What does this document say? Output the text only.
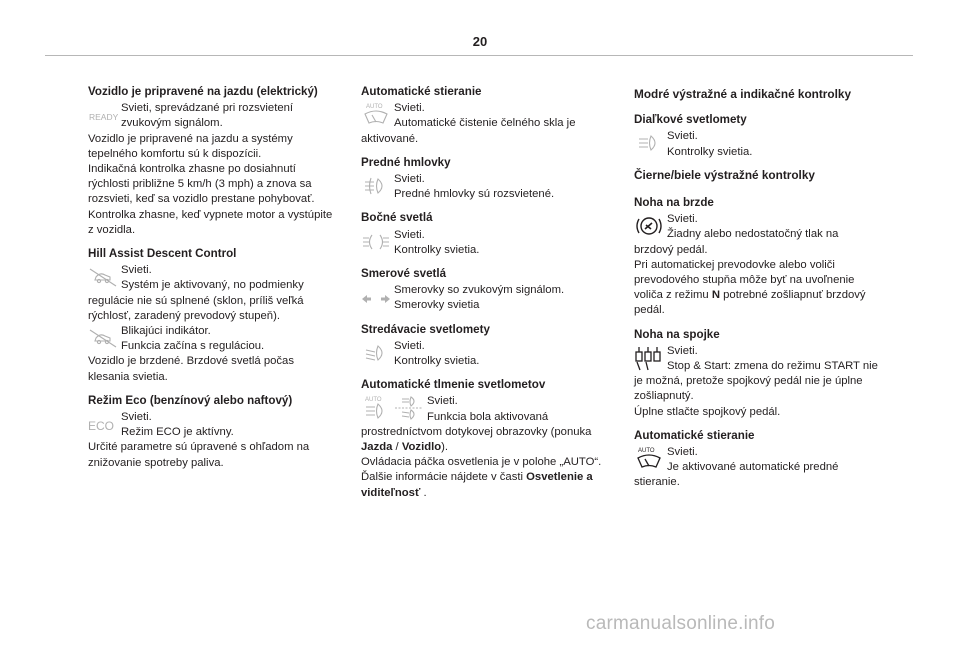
20
Vozidlo je pripravené na jazdu (elektrický)
READY
Svieti, sprevádzané pri rozsvietení
zvukovým signálom.
Vozidlo je pripravené na jazdu a systémy
tepelného komfortu sú k dispozícii.
Indikačná kontrolka zhasne po dosiahnutí
rýchlosti približne 5 km/h (3 mph) a znova sa
rozsvieti, keď sa vozidlo prestane pohybovať.
Kontrolka zhasne, keď vypnete motor a vystúpite
z vozidla.
Hill Assist Descent Control
Svieti.
Systém je aktivovaný, no podmienky
regulácie nie sú splnené (sklon, príliš veľká
rýchlosť, zaradený prevodový stupeň).
Blikajúci indikátor.
Funkcia začína s reguláciou.
Vozidlo je brzdené. Brzdové svetlá počas
klesania svietia.
Režim Eco (benzínový alebo naftový)
ECO
Svieti.
Režim ECO je aktívny.
Určité parametre sú úpravené s ohľadom na
znižovanie spotreby paliva.
Automatické stieranie
AUTO Svieti.
Automatické čistenie čelného skla je
aktivované.
Predné hmlovky
Svieti.
Predné hmlovky sú rozsvietené.
Bočné svetlá
Svieti.
Kontrolky svietia.
Smerové svetlá
Smerovky so zvukovým signálom.
Smerovky svietia
Stredávacie svetlomety
Svieti.
Kontrolky svietia.
Automatické tlmenie svetlometov
AUTO	Svieti.
Funkcia bola aktivovaná
prostredníctvom dotykovej obrazovky (ponuka
Jazda / Vozidlo).
Ovládacia páčka osvetlenia je v polohe „AUTO“.
Ďalšie informácie nájdete v časti Osvetlenie a
viditeľnosť .
Modré výstražné a indikačné kontrolky
Diaľkové svetlomety
Svieti.
Kontrolky svietia.
Čierne/biele výstražné kontrolky
Noha na brzde
Svieti.
Žiadny alebo nedostatočný tlak na
brzdový pedál.
Pri automatickej prevodovke alebo voliči
prevodového stupňa môže byť na uvoľnenie
voliča z režimu N potrebné zošliapnuť brzdový
pedál.
Noha na spojke
Svieti.
Stop & Start: zmena do režimu START nie
je možná, pretože spojkový pedál nie je úplne
zošliapnutý.
Úplne stlačte spojkový pedál.
Automatické stieranie
AUTO Svieti.
Je aktivované automatické predné
stieranie.
carmanualsonline.info
